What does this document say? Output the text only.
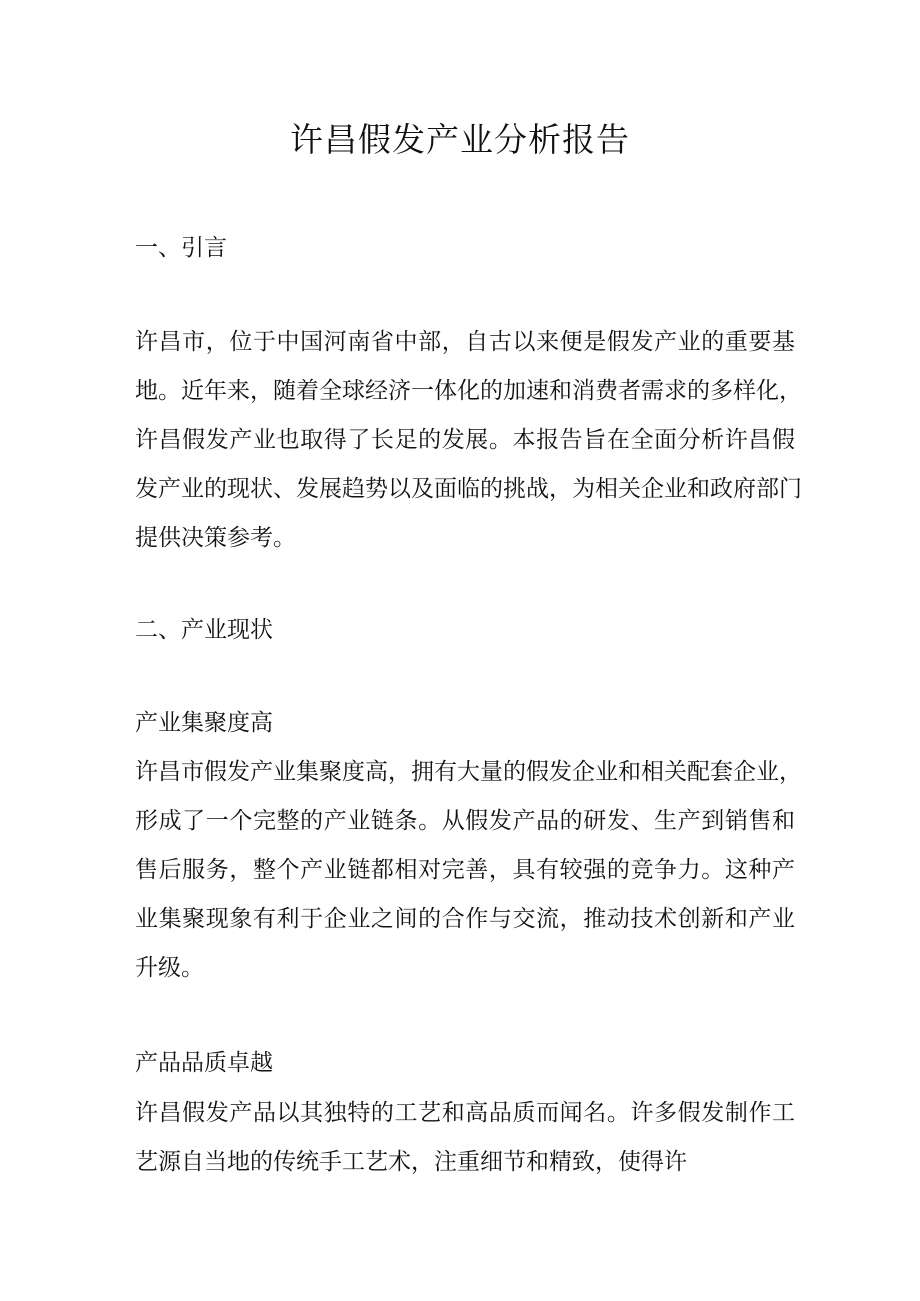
许昌假发产业分析报告
一、引言
许昌市，位于中国河南省中部，自古以来便是假发产业的重要基
地。近年来，随着全球经济一体化的加速和消费者需求的多样化，
许昌假发产业也取得了长足的发展。本报告旨在全面分析许昌假
发产业的现状、发展趋势以及面临的挑战，为相关企业和政府部门
提供决策参考。
二、产业现状
产业集聚度高
许昌市假发产业集聚度高，拥有大量的假发企业和相关配套企业，
形成了一个完整的产业链条。从假发产品的研发、生产到销售和
售后服务，整个产业链都相对完善，具有较强的竞争力。这种产
业集聚现象有利于企业之间的合作与交流，推动技术创新和产业
升级。
产品品质卓越
许昌假发产品以其独特的工艺和高品质而闻名。许多假发制作工
艺源自当地的传统手工艺术，注重细节和精致，使得许
